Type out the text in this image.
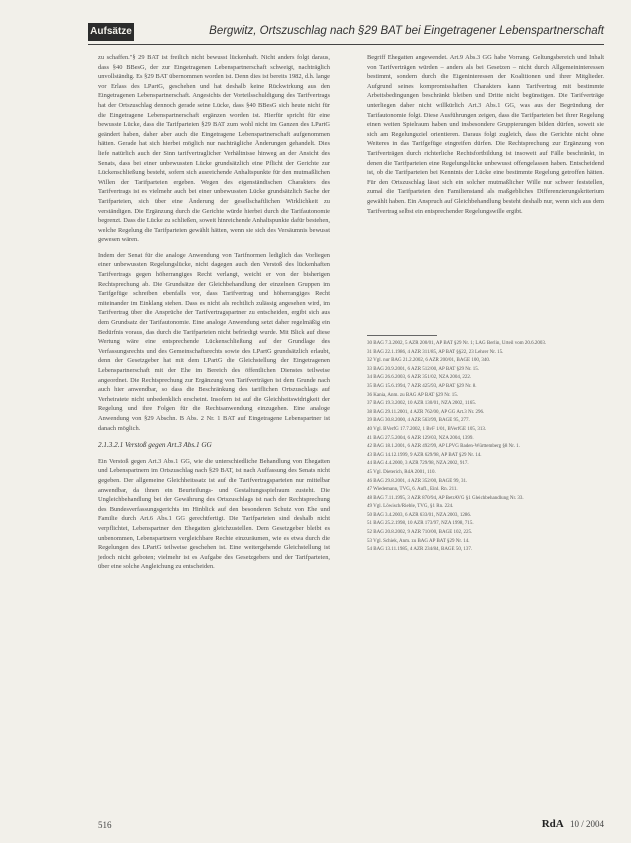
Aufsätze	Bergwitz, Ortszuschlag nach §29 BAT bei Eingetragener Lebenspartnerschaft

zu schaffen."§ 29 BAT ist freilich nicht bewusst lückenhaft. Nicht anders folgt daraus, dass §40 BBesG, der zur Eingetragenen Lebenspartnerschaft schweigt, nachträglich unvollständig. Es §29 BAT übernommen worden ist. Denn dies ist bereits 1982, d.h. lange vor Erlass des LPartG, geschehen und hat deshalb keine Rückwirkung aus den Eingetragenen Lebenspartnerschaft. Angesichts der Vorteilsschuldigung des Tarifvertrags hat der Ortszuschlag dennoch gerade seine Lücke, dass §40 BBesG sich heute nicht für die Eingetragene Lebenspartnerschaft ergänzen worden ist. Hierfür spricht für eine bewusste Lücke, dass die Tarifparteien §29 BAT zum wohl nicht im Ganzen des LPartG geändert haben, daher aber auch die Eingetragene Lebenspartnerschaft aufgenommen hätten. Gerade hat sich hierbei möglich nur nachträgliche Änderungen gehandelt. Dies liefe natürlich auch der Sinn tarifvertraglicher Verhältnisse hinweg an der Ansicht des Senats, dass bei einer unbewussten Lücke grundsätzlich eine Pflicht der Gerichte zur Lückenschließung besteht, sofern sich ausreichende Anhaltspunkte für den mutmaßlichen Willen der Tarifparteien ergeben. Wegen des eigenständischen Charakters des Tarifvertrags ist es vielmehr auch bei einer unbewussten Lücke grundsätzlich Sache der Tarifparteien, sich über eine Änderung der gesellschaftlichen Wirklichkeit zu verständigen. Die Ergänzung durch die Gerichte würde hierbei durch die Tarifautonomie begrenzt. Dass die Lücke zu schließen, soweit hinreichende Anhaltspunkte dafür bestehen, welche Regelung die Tarifparteien gewählt hätten, wenn sie sich des Versäumnis bewusst gewesen wären.

Indem der Senat für die analoge Anwendung von Tarifnormen lediglich das Vorliegen einer unbewussten Regelungslücke, nicht dagegen auch den Verstoß des lückenhaften Tarifvertrags gegen höherrangiges Recht verlangt, weicht er von der bisherigen Rechtsprechung ab. Die Grundsätze der Gleichbehandlung der einzelnen Gruppen im Tarifgefüge schreiben ebenfalls vor, dass Tarifvertrag und höherrangiges Recht miteinander im Einklang stehen. Dass es nicht als rechtlich zulässig angesehen wird, im Tarifvertrag über die Ansprüche der Tarifvertragspartner zu entscheiden, ergibt sich aus dem Grundsatz der Tarifautonomie. Eine analoge Anwendung setzt daher regelmäßig ein Bedürfnis voraus, das durch die Tarifparteien nicht befriedigt wurde. Mit Blick auf diese Wertung wäre eine entsprechende Lückenschließung auf der Grundlage des Verfassungsrechts und des Gemeinschaftsrechts sowie des LPartG grundsätzlich erlaubt, denn der Gesetzgeber hat mit dem LPartG die Gleichstellung der Eingetragenen Lebenspartnerschaft mit der Ehe im Bereich des öffentlichen Dienstes teilweise angeordnet. Die Rechtsprechung zur Ergänzung von Tarifverträgen ist dem Grunde nach auch hier anwendbar, so dass die Beschränkung des tariflichen Ortszuschlags auf Verheiratete nicht unbedenklich erscheint. Insofern ist auf die Gleichheitswidrigkeit der Regelung und ihre Folgen für die Rechtsanwendung einzugehen. Eine analoge Anwendung von §29 Abschn. B Abs. 2 Nr. 1 BAT auf Eingetragene Lebenspartner ist danach möglich.

2.1.3.2.1 Verstoß gegen Art.3 Abs.1 GG

Ein Verstoß gegen Art.3 Abs.1 GG, wie die unterschiedliche Behandlung von Ehegatten und Lebenspartnern im Ortszuschlag nach §29 BAT, ist nach Auffassung des Senats nicht gegeben. Der allgemeine Gleichheitssatz ist auf die Tarifvertragsparteien nur mittelbar anwendbar, da ihnen ein Beurteilungs- und Gestaltungsspielraum zusteht. Die Ungleichbehandlung bei der Gewährung des Ortszuschlags ist nach der Rechtsprechung des Bundesverfassungsgerichts im Hinblick auf den besonderen Schutz von Ehe und Familie durch Art.6 Abs.1 GG gerechtfertigt. Die Tarifparteien sind deshalb nicht verpflichtet, Lebenspartner den Ehegatten gleichzustellen. Dem Gesetzgeber bleibt es unbenommen, Lebenspartnern vergleichbare Rechte einzuräumen, wie es etwa durch die Regelungen des LPartG teilweise geschehen ist. Eine weitergehende Gleichstellung ist jedoch nicht geboten; vielmehr ist es Aufgabe des Gesetzgebers und der Tarifparteien, über eine solche Angleichung zu entscheiden.

Begriff Ehegatten angewendet. Art.9 Abs.3 GG habe Vorrang. Geltungsbereich und Inhalt von Tarifverträgen würden – anders als bei Gesetzen – nicht durch Allgemeininteressen bestimmt, sondern durch die Eigeninteressen der Koalitionen und ihrer Mitglieder. Aufgrund seines kompromisshaften Charakters kann Tarifvertrag mit bestimmte Arbeitsbedingungen beschränkt bleiben und Dritte nicht begünstigen. Die Tarifverträge unterliegen daher nicht willkürlich Art.3 Abs.1 GG, was aus der Begründung der Tarifautonomie folgt. Diese Ausführungen zeigen, dass die Tarifparteien bei ihrer Regelung einen weiten Spielraum haben und insbesondere Gruppierungen bilden dürfen, soweit sie sich am Regelungsziel orientieren. Daraus folgt zugleich, dass die Gerichte nicht ohne Weiteres in das Tarifgefüge eingreifen dürfen. Die Rechtsprechung zur Ergänzung von Tarifverträgen durch richterliche Rechtsfortbildung ist insoweit auf Fälle beschränkt, in denen die Tarifparteien eine Regelungslücke unbewusst offengelassen haben. Entscheidend ist, ob die Tarifparteien bei Kenntnis der Lücke eine bestimmte Regelung getroffen hätten. Für den Ortszuschlag lässt sich ein solcher mutmaßlicher Wille nur schwer feststellen, zumal die Tarifparteien den Familienstand als maßgebliches Differenzierungskriterium gewählt haben. Ein Anspruch auf Gleichbehandlung besteht deshalb nur, wenn sich aus dem Tarifvertrag selbst ein entsprechender Regelungswille ergibt.

30 BAG 7.3.2002, 5 AZR 200/01, AP BAT §29 Nr. 1; LAG Berlin, Urteil vom 20.6.2003.

31 BAG 22.1.1986, 4 AZR 311/85, AP BAT §§22, 23 Lehrer Nr. 15.

32 Vgl. nur BAG 21.2.2002, 6 AZR 200/01, BAGE 100, 340.

33 BAG 20.9.2001, 6 AZR 512/00, AP BAT §29 Nr. 15.

34 BAG 26.6.2003, 6 AZR 351/02, NZA 2004, 222.

35 BAG 15.6.1994, 7 AZR 425/93, AP BAT §29 Nr. 8.

36 Kania, Anm. zu BAG AP BAT §29 Nr. 15.

37 BAG 19.3.2002, 10 AZR 130/01, NZA 2002, 1165.

38 BAG 29.11.2001, 4 AZR 762/00, AP GG Art.3 Nr. 296.

39 BAG 30.8.2000, 4 AZR 563/99, BAGE 95, 277.

40 Vgl. BVerfG 17.7.2002, 1 BvF 1/01, BVerfGE 105, 313.

41 BAG 27.5.2004, 6 AZR 129/03, NZA 2004, 1399.

42 BAG 18.1.2001, 6 AZR 492/99, AP LPVG Baden-Württemberg §8 Nr. 1.

43 BAG 14.12.1999, 9 AZR 629/98, AP BAT §29 Nr. 14.

44 BAG 4.4.2000, 3 AZR 729/98, NZA 2002, 917.

45 Vgl. Dieterich, RdA 2001, 110.

46 BAG 29.8.2001, 4 AZR 352/00, BAGE 99, 31.

47 Wiedemann, TVG, 6. Aufl., Einl. Rn. 211.

48 BAG 7.11.1995, 3 AZR 870/94, AP BetrAVG §1 Gleichbehandlung Nr. 33.

49 Vgl. Löwisch/Rieble, TVG, §1 Rn. 224.

50 BAG 3.4.2003, 6 AZR 633/01, NZA 2003, 1286.

51 BAG 25.2.1998, 10 AZR 173/97, NZA 1998, 715.

52 BAG 20.8.2002, 9 AZR 710/00, BAGE 102, 225.

53 Vgl. Schiek, Anm. zu BAG AP BAT §29 Nr. 14.

54 BAG 13.11.1985, 4 AZR 234/84, BAGE 50, 137.

516	RdA 10 / 2004
